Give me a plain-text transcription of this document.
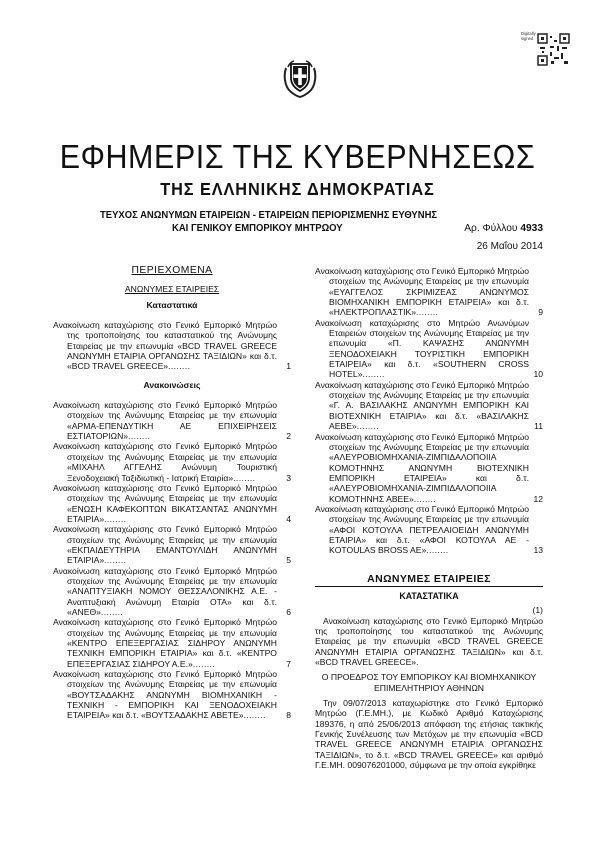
Digitally signed
ΕΦΗΜΕΡΙΣ ΤΗΣ ΚΥΒΕΡΝΗΣΕΩΣ
ΤΗΣ ΕΛΛΗΝΙΚΗΣ ΔΗΜΟΚΡΑΤΙΑΣ
ΤΕΥΧΟΣ ΑΝΩΝΥΜΩΝ ΕΤΑΙΡΕΙΩΝ - ΕΤΑΙΡΕΙΩΝ ΠΕΡΙΟΡΙΣΜΕΝΗΣ ΕΥΘΥΝΗΣ
ΚΑΙ ΓΕΝΙΚΟΥ ΕΜΠΟΡΙΚΟΥ ΜΗΤΡΩΟΥ	Αρ. Φύλλου 4933
26 Μαΐου 2014
ΠΕΡΙΕΧΟΜΕΝΑ
ΑΝΩΝΥΜΕΣ ΕΤΑΙΡΕΙΕΣ
Καταστατικά
Ανακοίνωση καταχώρισης στο Γενικό Εμπορικό Μητρώο της τροποποίησης του καταστατικού της Ανώνυμης Εταιρείας με την επωνυμία «BCD TRAVEL GREECE ΑΝΩΝΥΜΗ ΕΤΑΙΡΙΑ ΟΡΓΑΝΩΣΗΣ ΤΑΞΙΔΙΩΝ» και δ.τ. «BCD TRAVEL GREECE»........	1
Ανακοινώσεις
Ανακοίνωση καταχώρισης στο Γενικό Εμπορικό Μητρώο στοιχείων της Ανώνυμης Εταιρείας με την επωνυμία «ΑΡΜΑ-ΕΠΕΝΔΥΤΙΚΗ ΑΕ ΕΠΙΧΕΙΡΗΣΕΙΣ ΕΣΤΙΑΤΟΡΙΩΝ»........	2
Ανακοίνωση καταχώρισης στο Γενικό Εμπορικό Μητρώο στοιχείων της Ανώνυμης Εταιρείας με την επωνυμία «ΜΙΧΑΗΛ ΑΓΓΕΛΗΣ Ανώνυμη Τουριστική Ξενοδοχειακή Ταξιδιωτική - Ιατρική Εταιρία»........	3
Ανακοίνωση καταχώρισης στο Γενικό Εμπορικό Μητρώο στοιχείων της Ανώνυμης Εταιρείας με την επωνυμία «ΕΝΩΣΗ ΚΑΦΕΚΟΠΤΩΝ ΒΙΚΑΤΣΑΝΤΑΣ ΑΝΩΝΥΜΗ ΕΤΑΙΡΙΑ»........	4
Ανακοίνωση καταχώρισης στο Γενικό Εμπορικό Μητρώο στοιχείων της Ανώνυμης Εταιρείας με την επωνυμία «ΕΚΠΑΙΔΕΥΤΗΡΙΑ ΕΜΑΝΤΟΥΛΙΔΗ ΑΝΩΝΥΜΗ ΕΤΑΙΡΙΑ»........	5
Ανακοίνωση καταχώρισης στο Γενικό Εμπορικό Μητρώο στοιχείων της Ανώνυμης Εταιρείας με την επωνυμία «ΑΝΑΠΤΥΞΙΑΚΗ ΝΟΜΟΥ ΘΕΣΣΑΛΟΝΙΚΗΣ Α.Ε. - Αναπτυξιακή Ανώνυμη Εταιρία ΟΤΑ» και δ.τ. «ΑΝΕΘ»........	6
Ανακοίνωση καταχώρισης στο Γενικό Εμπορικό Μητρώο στοιχείων της Ανώνυμης Εταιρείας με την επωνυμία «ΚΕΝΤΡΟ ΕΠΕΞΕΡΓΑΣΙΑΣ ΣΙΔΗΡΟΥ ΑΝΩΝΥΜΗ ΤΕΧΝΙΚΗ ΕΜΠΟΡΙΚΗ ΕΤΑΙΡΙΑ» και δ.τ. «ΚΕΝΤΡΟ ΕΠΕΞΕΡΓΑΣΙΑΣ ΣΙΔΗΡΟΥ Α.Ε.»........	7
Ανακοίνωση καταχώρισης στο Γενικό Εμπορικό Μητρώο στοιχείων της Ανώνυμης Εταιρείας με την επωνυμία «ΒΟΥΤΣΑΔΑΚΗΣ ΑΝΩΝΥΜΗ ΒΙΟΜΗΧΑΝΙΚΗ - ΤΕΧΝΙΚΗ - ΕΜΠΟΡΙΚΗ ΚΑΙ ΞΕΝΟΔΟΧΕΙΑΚΗ ΕΤΑΙΡΕΙΑ» και δ.τ. «ΒΟΥΤΣΑΔΑΚΗΣ ΑΒΕΤΕ»........	8
Ανακοίνωση καταχώρισης στο Γενικό Εμπορικό Μητρώο στοιχείων της Ανώνυμης Εταιρείας με την επωνυμία «ΕΥΑΓΓΕΛΟΣ ΣΚΡΙΜΙΖΕΑΣ ΑΝΩΝΥΜΟΣ ΒΙΟΜΗΧΑΝΙΚΗ ΕΜΠΟΡΙΚΗ ΕΤΑΙΡΕΙΑ» και δ.τ. «ΗΛΕΚΤΡΟΠΛΑΣΤΙΚ»........	9
Ανακοίνωση καταχώρισης στο Μητρώο Ανωνύμων Εταιρειών στοιχείων της Ανώνυμης Εταιρείας με την επωνυμία «Π. ΚΑΨΑΣΗΣ ΑΝΩΝΥΜΗ ΞΕΝΟΔΟΧΕΙΑΚΗ ΤΟΥΡΙΣΤΙΚΗ ΕΜΠΟΡΙΚΗ ΕΤΑΙΡΕΙΑ» και δ.τ. «SOUTHERN CROSS HOTEL»........	10
Ανακοίνωση καταχώρισης στο Γενικό Εμπορικό Μητρώο στοιχείων της Ανώνυμης Εταιρείας με την επωνυμία «Γ. Α. ΒΑΣΙΛΑΚΗΣ ΑΝΩΝΥΜΗ ΕΜΠΟΡΙΚΗ ΚΑΙ ΒΙΟΤΕΧΝΙΚΗ ΕΤΑΙΡΙΑ» και δ.τ. «ΒΑΣΙΛΑΚΗΣ ΑΕΒΕ»........	11
Ανακοίνωση καταχώρισης στο Γενικό Εμπορικό Μητρώο στοιχείων της Ανώνυμης Εταιρείας με την επωνυμία «ΑΛΕΥΡΟΒΙΟΜΗΧΑΝΙΑ-ΖΙΜΠΙΔΑΛΟΠΟΙΙΑ ΚΟΜΟΤΗΝΗΣ ΑΝΩΝΥΜΗ ΒΙΟΤΕΧΝΙΚΗ ΕΜΠΟΡΙΚΗ ΕΤΑΙΡΕΙΑ» και δ.τ. «ΑΛΕΥΡΟΒΙΟΜΗΧΑΝΙΑ-ΖΙΜΠΙΔΑΛΟΠΟΙΙΑ ΚΟΜΟΤΗΝΗΣ ΑΒΕΕ»........	12
Ανακοίνωση καταχώρισης στο Γενικό Εμπορικό Μητρώο στοιχείων της Ανώνυμης Εταιρείας με την επωνυμία «ΑΦΟΙ ΚΟΤΟΥΛΑ ΠΕΤΡΕΛΑΙΟΕΙΔΗ ΑΝΩΝΥΜΗ ΕΤΑΙΡΙΑ» και δ.τ. «ΑΦΟΙ ΚΟΤΟΥΛΑ ΑΕ - KOTOULAS BROSS AE»........	13
ΑΝΩΝΥΜΕΣ ΕΤΑΙΡΕΙΕΣ
ΚΑΤΑΣΤΑΤΙΚΑ

(1)

Ανακοίνωση καταχώρισης στο Γενικό Εμπορικό Μητρώο της τροποποίησης του καταστατικού της Ανώνυμης Εταιρείας με την επωνυμία «BCD TRAVEL GREECE ΑΝΩΝΥΜΗ ΕΤΑΙΡΙΑ ΟΡΓΑΝΩΣΗΣ ΤΑΞΙΔΙΩΝ» και δ.τ. «BCD TRAVEL GREECE».

Ο ΠΡΟΕΔΡΟΣ ΤΟΥ ΕΜΠΟΡΙΚΟΥ ΚΑΙ ΒΙΟΜΗΧΑΝΙΚΟΥ ΕΠΙΜΕΛΗΤΗΡΙΟΥ ΑΘΗΝΩΝ

Την 09/07/2013 καταχωρίστηκε στο Γενικό Εμπορικό Μητρώο (Γ.Ε.ΜΗ.), με Κωδικό Αριθμό Καταχώρισης 189376, η από 25/06/2013 απόφαση της ετήσιας τακτικής Γενικής Συνέλευσης των Μετόχων με την επωνυμία «BCD TRAVEL GREECE ΑΝΩΝΥΜΗ ΕΤΑΙΡΙΑ ΟΡΓΑΝΩΣΗΣ ΤΑΞΙΔΙΩΝ», το δ.τ. «BCD TRAVEL GREECE» και αριθμό Γ.Ε.ΜΗ. 009076201000, σύμφωνα με την οποία εγκρίθηκε
